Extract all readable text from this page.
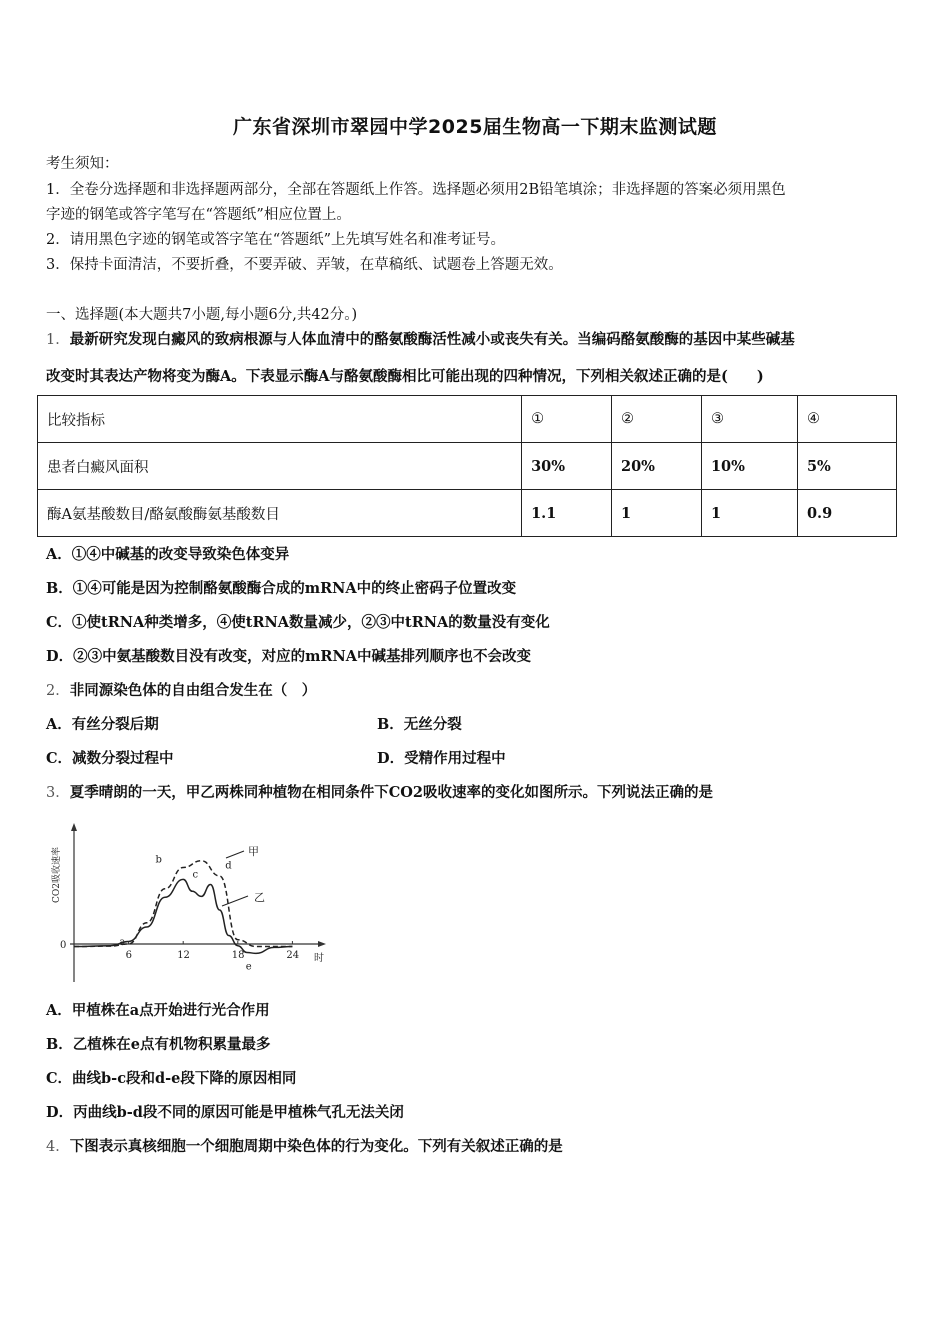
广东省深圳市翠园中学2025届生物高一下期末监测试题
考生须知：
1．全卷分选择题和非选择题两部分，全部在答题纸上作答。选择题必须用2B铅笔填涂；非选择题的答案必须用黑色
字迹的钢笔或答字笔写在“答题纸”相应位置上。
2．请用黑色字迹的钢笔或答字笔在“答题纸”上先填写姓名和准考证号。
3．保持卡面清洁，不要折叠，不要弄破、弄皱，在草稿纸、试题卷上答题无效。
一、选择题(本大题共7小题,每小题6分,共42分。)
1．最新研究发现白癜风的致病根源与人体血清中的酪氨酸酶活性减小或丧失有关。当编码酪氨酸酶的基因中某些碱基
改变时其表达产物将变为酶A。下表显示酶A与酪氨酸酶相比可能出现的四种情况，下列相关叙述正确的是(　　)
比较指标	①	②	③	④
患者白癜风面积	30%	20%	10%	5%
酶A氨基酸数目/酪氨酸酶氨基酸数目	1.1	1	1	0.9
A．①④中碱基的改变导致染色体变异
B．①④可能是因为控制酪氨酸酶合成的mRNA中的终止密码子位置改变
C．①使tRNA种类增多，④使tRNA数量减少，②③中tRNA的数量没有变化
D．②③中氨基酸数目没有改变，对应的mRNA中碱基排列顺序也不会改变
2．非同源染色体的自由组合发生在（　）
A．有丝分裂后期	B．无丝分裂
C．减数分裂过程中	D．受精作用过程中
3．夏季晴朗的一天，甲乙两株同种植物在相同条件下CO2吸收速率的变化如图所示。下列说法正确的是
CO2吸收速率
时
0
6	12	18	24
a
b
c
d
e
甲
乙
A．甲植株在a点开始进行光合作用
B．乙植株在e点有机物积累量最多
C．曲线b-c段和d-e段下降的原因相同
D．丙曲线b-d段不同的原因可能是甲植株气孔无法关闭
4．下图表示真核细胞一个细胞周期中染色体的行为变化。下列有关叙述正确的是
